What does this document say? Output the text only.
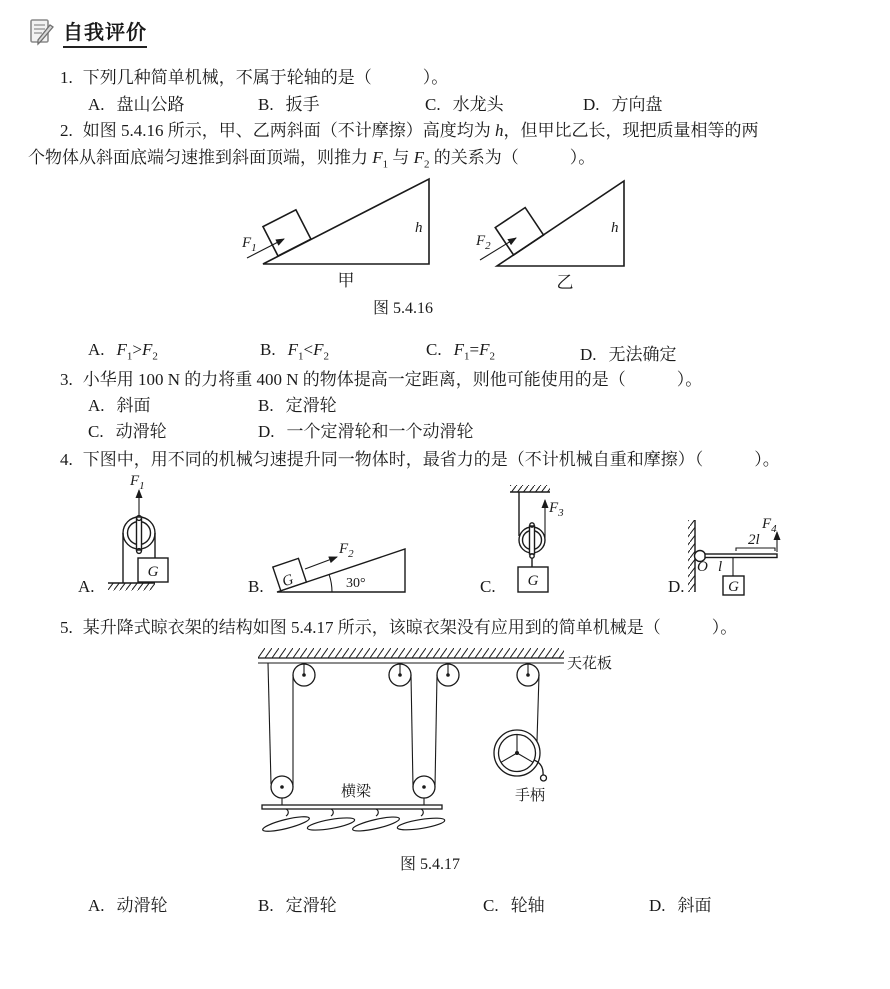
自我评价
1. 下列几种简单机械，不属于轮轴的是（　　　）。
A. 盘山公路	B. 扳手	C. 水龙头	D. 方向盘
2. 如图 5.4.16 所示，甲、乙两斜面（不计摩擦）高度均为 h，但甲比乙长，现把质量相等的两
个物体从斜面底端匀速推到斜面顶端，则推力 $F_1$ 与 $F_2$ 的关系为（　　　）。
$F_1$
h
甲
$F_2$
h
乙
图 5.4.16
A. $F_1>F_2$	B. $F_1<F_2$	C. $F_1=F_2$	D. 无法确定
3. 小华用 100 N 的力将重 400 N 的物体提高一定距离，则他可能使用的是（　　　）。
A. 斜面	B. 定滑轮
C. 动滑轮	D. 一个定滑轮和一个动滑轮
4. 下图中，用不同的机械匀速提升同一物体时，最省力的是（不计机械自重和摩擦）（　　　）。
$F_1$
G
A.	G	30°
$F_2$
B.
$F_3$
G
C.
O l
2l
$F_4$
G
D.
5. 某升降式晾衣架的结构如图 5.4.17 所示，该晾衣架没有应用到的简单机械是（　　　）。
天花板
横梁	手柄
图 5.4.17
A. 动滑轮	B. 定滑轮	C. 轮轴	D. 斜面
